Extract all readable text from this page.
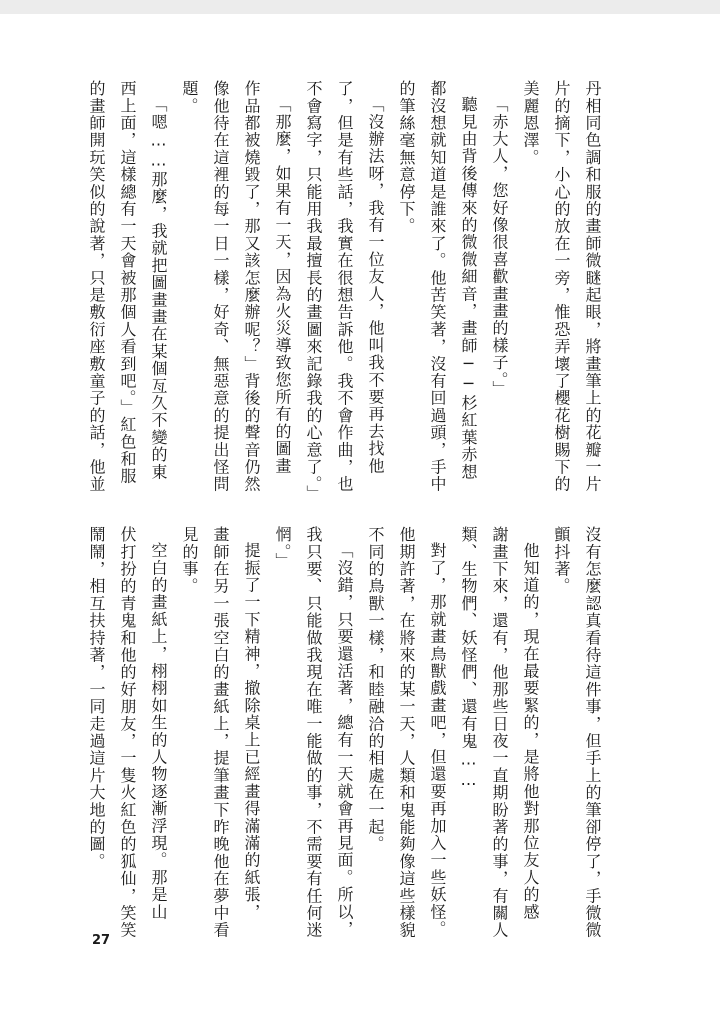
丹相同色調和服的畫師微瞇起眼，將畫筆上的花瓣一片
片的摘下，小心的放在一旁，惟恐弄壞了櫻花樹賜下的
美麗恩澤。
「赤大人，您好像很喜歡畫畫的樣子。」
聽見由背後傳來的微微細音，畫師──杉紅葉赤想
都沒想就知道是誰來了。他苦笑著，沒有回過頭，手中
的筆絲毫無意停下。
「沒辦法呀，我有一位友人，他叫我不要再去找他
了，但是有些話，我實在很想告訴他。我不會作曲，也
不會寫字，只能用我最擅長的畫圖來記錄我的心意了。」
「那麼，如果有一天，因為火災導致您所有的圖畫
作品都被燒毀了，那又該怎麼辦呢？」背後的聲音仍然
像他待在這裡的每一日一樣，好奇、無惡意的提出怪問
題。
「嗯……那麼，我就把圖畫畫在某個亙久不變的東
西上面，這樣總有一天會被那個人看到吧。」紅色和服
的畫師開玩笑似的說著，只是敷衍座敷童子的話，他並
沒有怎麼認真看待這件事，但手上的筆卻停了，手微微
顫抖著。
他知道的，現在最要緊的，是將他對那位友人的感
謝畫下來，還有，他那些日夜一直期盼著的事，有關人
類、生物們、妖怪們、還有鬼……
對了，那就畫鳥獸戲畫吧，但還要再加入一些妖怪。
他期許著，在將來的某一天，人類和鬼能夠像這些樣貌
不同的鳥獸一樣，和睦融洽的相處在一起。
「沒錯，只要還活著，總有一天就會再見面。所以，
我只要、只能做我現在唯一能做的事，不需要有任何迷
惘。」
提振了一下精神，撤除桌上已經畫得滿滿的紙張，
畫師在另一張空白的畫紙上，提筆畫下昨晚他在夢中看
見的事。
空白的畫紙上，栩栩如生的人物逐漸浮現。那是山
伏打扮的青鬼和他的好朋友，一隻火紅色的狐仙，笑笑
鬧鬧，相互扶持著，一同走過這片大地的圖。
27
